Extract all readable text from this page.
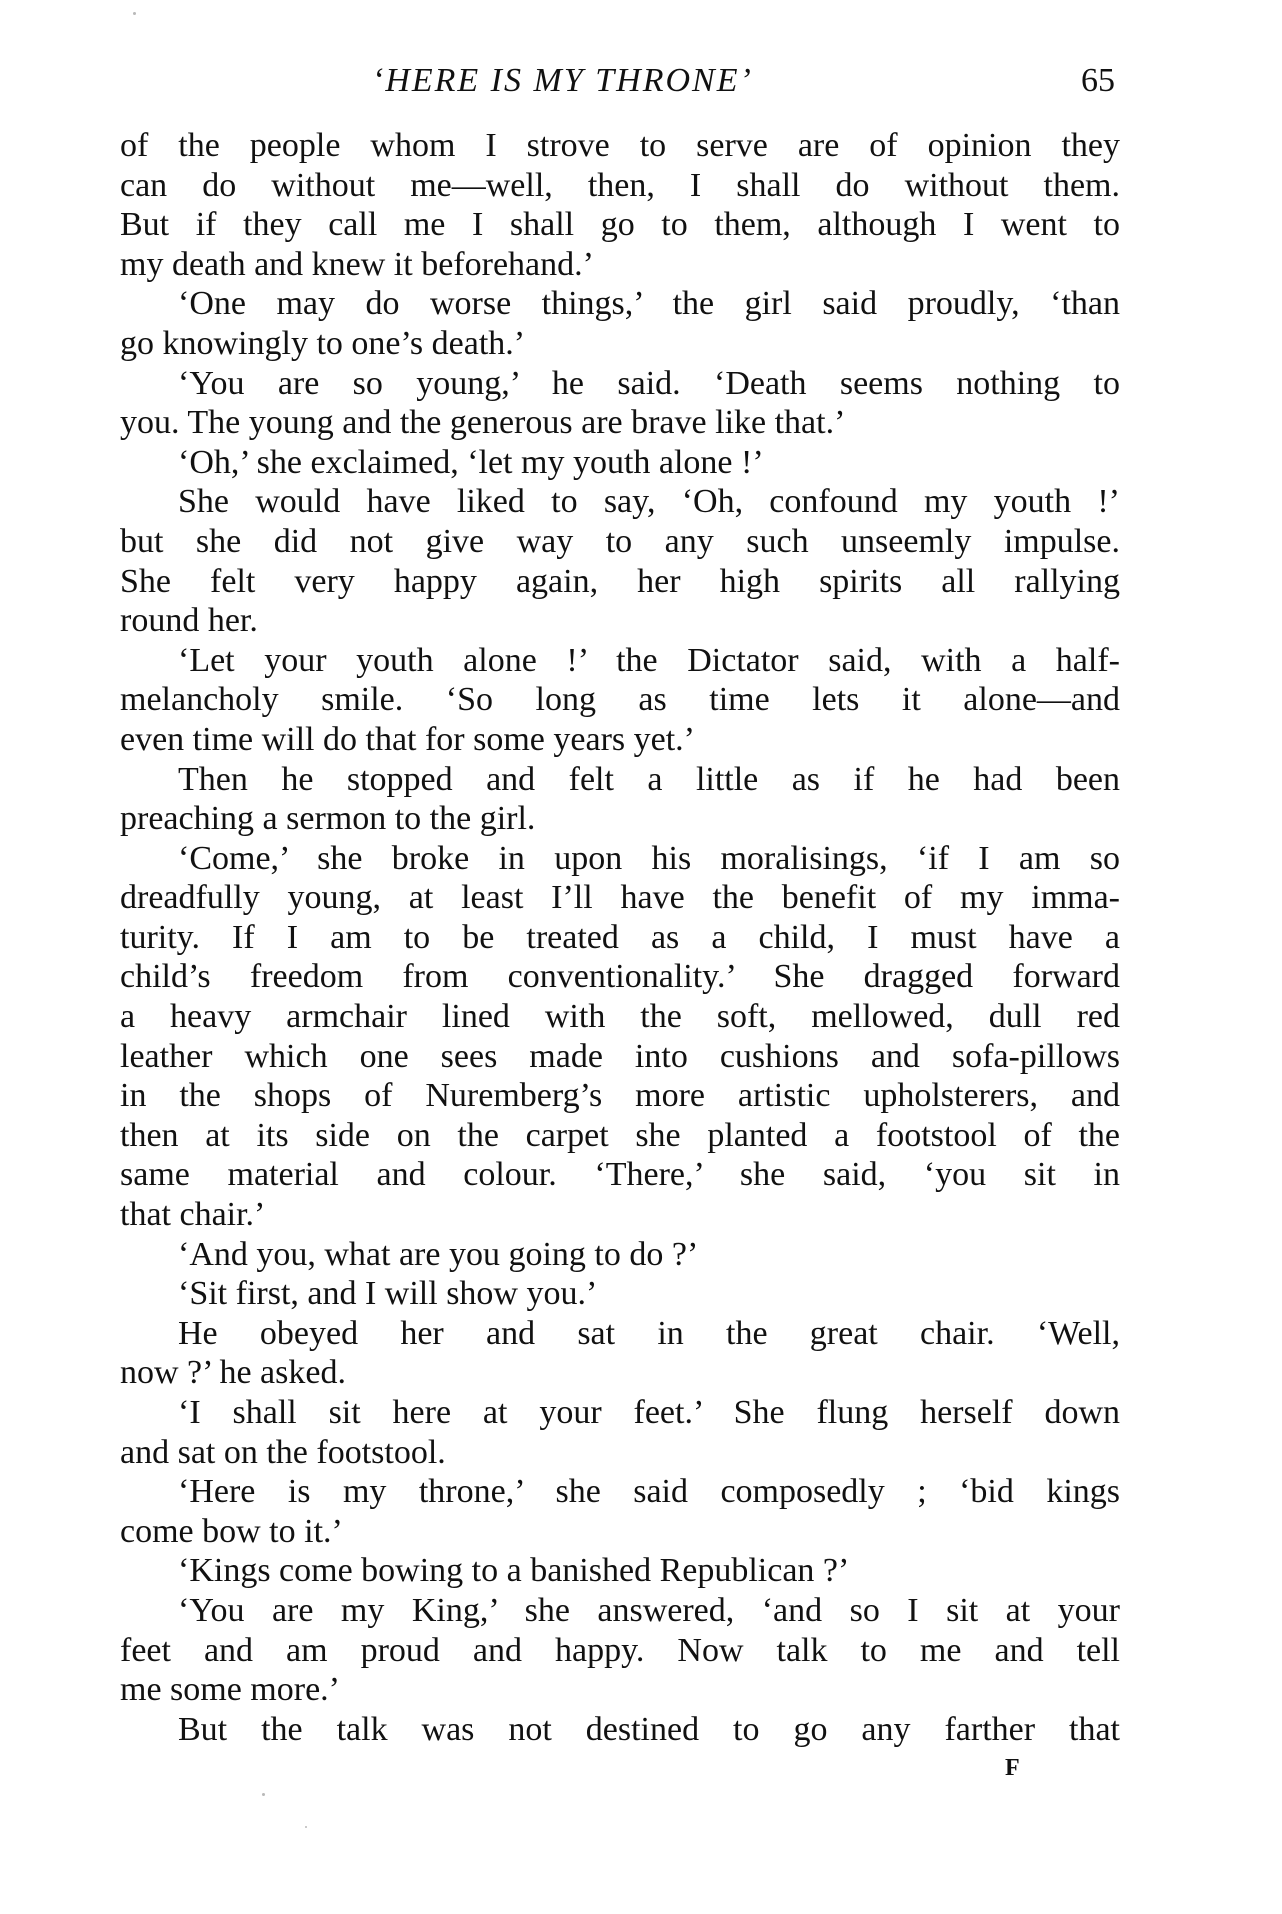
‘HERE IS MY THRONE’	65
of the people whom I strove to serve are of opinion they
can do without me—well, then, I shall do without them.
But if they call me I shall go to them, although I went to
my death and knew it beforehand.’
‘One may do worse things,’ the girl said proudly, ‘than
go knowingly to one’s death.’
‘You are so young,’ he said. ‘Death seems nothing to
you. The young and the generous are brave like that.’
‘Oh,’ she exclaimed, ‘let my youth alone !’
She would have liked to say, ‘Oh, confound my youth !’
but she did not give way to any such unseemly impulse.
She felt very happy again, her high spirits all rallying
round her.
‘Let your youth alone !’ the Dictator said, with a half-
melancholy smile. ‘So long as time lets it alone—and
even time will do that for some years yet.’
Then he stopped and felt a little as if he had been
preaching a sermon to the girl.
‘Come,’ she broke in upon his moralisings, ‘if I am so
dreadfully young, at least I’ll have the benefit of my imma-
turity. If I am to be treated as a child, I must have a
child’s freedom from conventionality.’ She dragged forward
a heavy armchair lined with the soft, mellowed, dull red
leather which one sees made into cushions and sofa-pillows
in the shops of Nuremberg’s more artistic upholsterers, and
then at its side on the carpet she planted a footstool of the
same material and colour. ‘There,’ she said, ‘you sit in
that chair.’
‘And you, what are you going to do ?’
‘Sit first, and I will show you.’
He obeyed her and sat in the great chair. ‘Well,
now ?’ he asked.
‘I shall sit here at your feet.’ She flung herself down
and sat on the footstool.
‘Here is my throne,’ she said composedly ; ‘bid kings
come bow to it.’
‘Kings come bowing to a banished Republican ?’
‘You are my King,’ she answered, ‘and so I sit at your
feet and am proud and happy. Now talk to me and tell
me some more.’
But the talk was not destined to go any farther that
F
